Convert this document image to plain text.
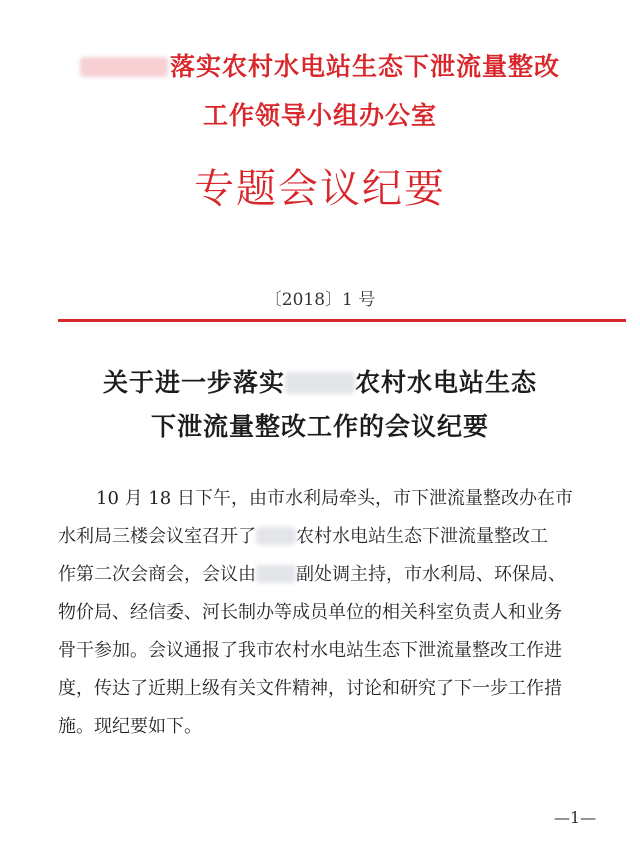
落实农村水电站生态下泄流量整改
工作领导小组办公室
专题会议纪要
〔2018〕1 号
关于进一步落实	农村水电站生态
下泄流量整改工作的会议纪要
10 月 18 日下午，由市水利局牵头，市下泄流量整改办在市
水利局三楼会议室召开了 农村水电站生态下泄流量整改工
作第二次会商会，会议由 副处调主持，市水利局、环保局、
物价局、经信委、河长制办等成员单位的相关科室负责人和业务
骨干参加。会议通报了我市农村水电站生态下泄流量整改工作进
度，传达了近期上级有关文件精神，讨论和研究了下一步工作措
施。现纪要如下。
—1—
